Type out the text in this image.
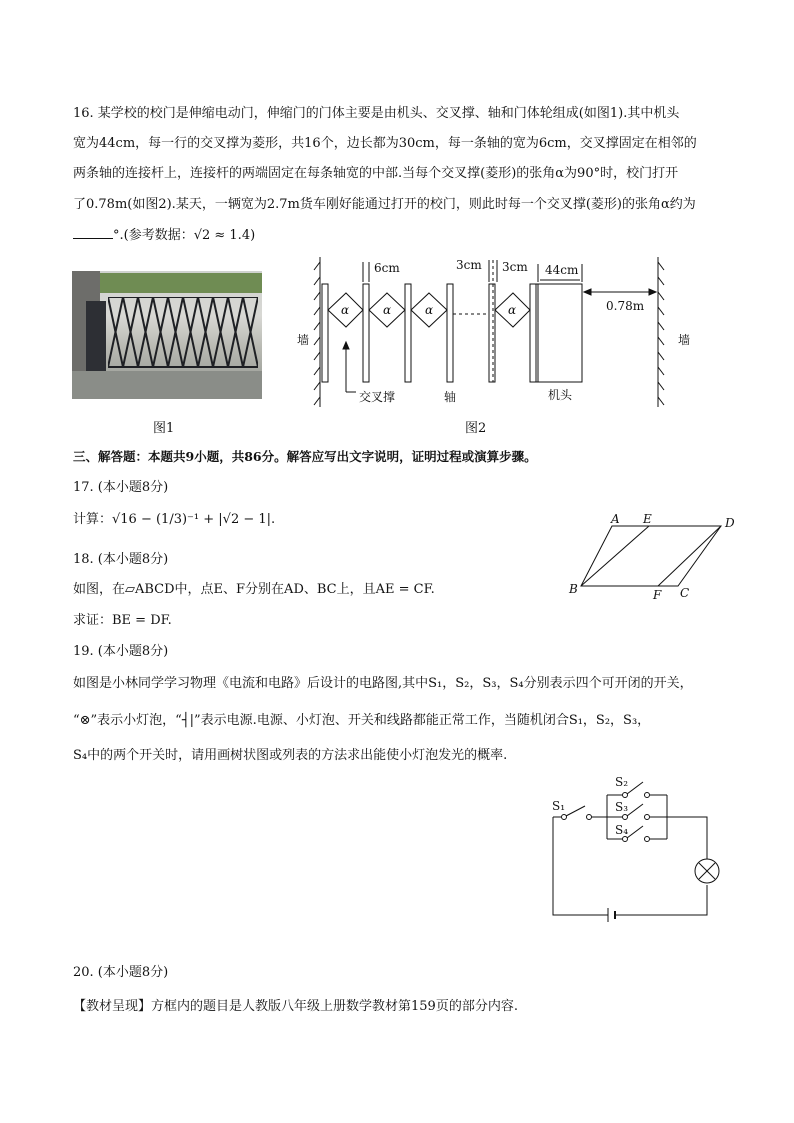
16. 某学校的校门是伸缩电动门，伸缩门的门体主要是由机头、交叉撑、轴和门体轮组成(如图1).其中机头
宽为44cm，每一行的交叉撑为菱形，共16个，边长都为30cm，每一条轴的宽为6cm，交叉撑固定在相邻的
两条轴的连接杆上，连接杆的两端固定在每条轴宽的中部.当每个交叉撑(菱形)的张角α为90°时，校门打开
了0.78m(如图2).某天，一辆宽为2.7m货车刚好能通过打开的校门，则此时每一个交叉撑(菱形)的张角α约为
°.(参考数据：√2 ≈ 1.4)
图1
墙	墙
6cm	3cm 3cm 44cm
0.78m
α	α	α	α
交叉撑	轴	机头
图2
三、解答题：本题共9小题，共86分。解答应写出文字说明，证明过程或演算步骤。
17. (本小题8分)
计算：√16 − (1/3)⁻¹ + |√2 − 1|.
18. (本小题8分)
如图，在▱ABCD中，点E、F分别在AD、BC上，且AE = CF.
求证：BE = DF.
A E	D
B	F C
19. (本小题8分)
如图是小林同学学习物理《电流和电路》后设计的电路图,其中S₁，S₂，S₃，S₄分别表示四个可开闭的开关，
“⊗”表示小灯泡，“┤|”表示电源.电源、小灯泡、开关和线路都能正常工作，当随机闭合S₁，S₂，S₃，
S₄中的两个开关时，请用画树状图或列表的方法求出能使小灯泡发光的概率.
S₁
S₂
S₃
S₄
20. (本小题8分)
【教材呈现】方框内的题目是人教版八年级上册数学教材第159页的部分内容.
